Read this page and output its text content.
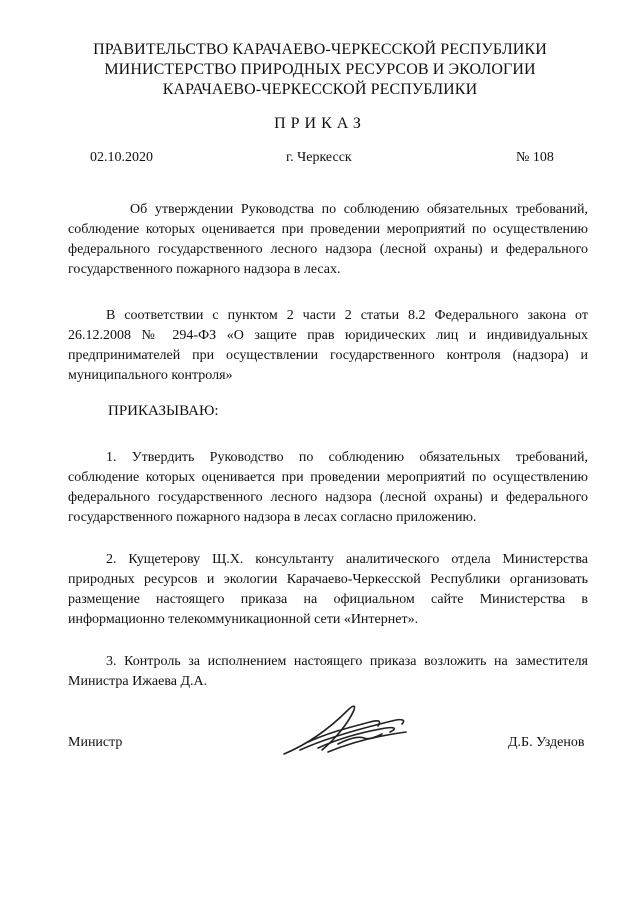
ПРАВИТЕЛЬСТВО КАРАЧАЕВО-ЧЕРКЕССКОЙ РЕСПУБЛИКИ
МИНИСТЕРСТВО ПРИРОДНЫХ РЕСУРСОВ И ЭКОЛОГИИ
КАРАЧАЕВО-ЧЕРКЕССКОЙ РЕСПУБЛИКИ
ПРИКАЗ
02.10.2020	г. Черкесск	№ 108
Об утверждении Руководства по соблюдению обязательных требований, соблюдение которых оценивается при проведении мероприятий по осуществлению федерального государственного лесного надзора (лесной охраны) и федерального государственного пожарного надзора в лесах.
В соответствии с пунктом 2 части 2 статьи 8.2 Федерального закона от 26.12.2008 № 294-ФЗ «О защите прав юридических лиц и индивидуальных предпринимателей при осуществлении государственного контроля (надзора) и муниципального контроля»
ПРИКАЗЫВАЮ:
1. Утвердить Руководство по соблюдению обязательных требований, соблюдение которых оценивается при проведении мероприятий по осуществлению федерального государственного лесного надзора (лесной охраны) и федерального государственного пожарного надзора в лесах согласно приложению.
2. Кущетерову Щ.Х. консультанту аналитического отдела Министерства природных ресурсов и экологии Карачаево-Черкесской Республики организовать размещение настоящего приказа на официальном сайте Министерства в информационно телекоммуникационной сети «Интернет».
3. Контроль за исполнением настоящего приказа возложить на заместителя Министра Ижаева Д.А.
Министр	Д.Б. Узденов
